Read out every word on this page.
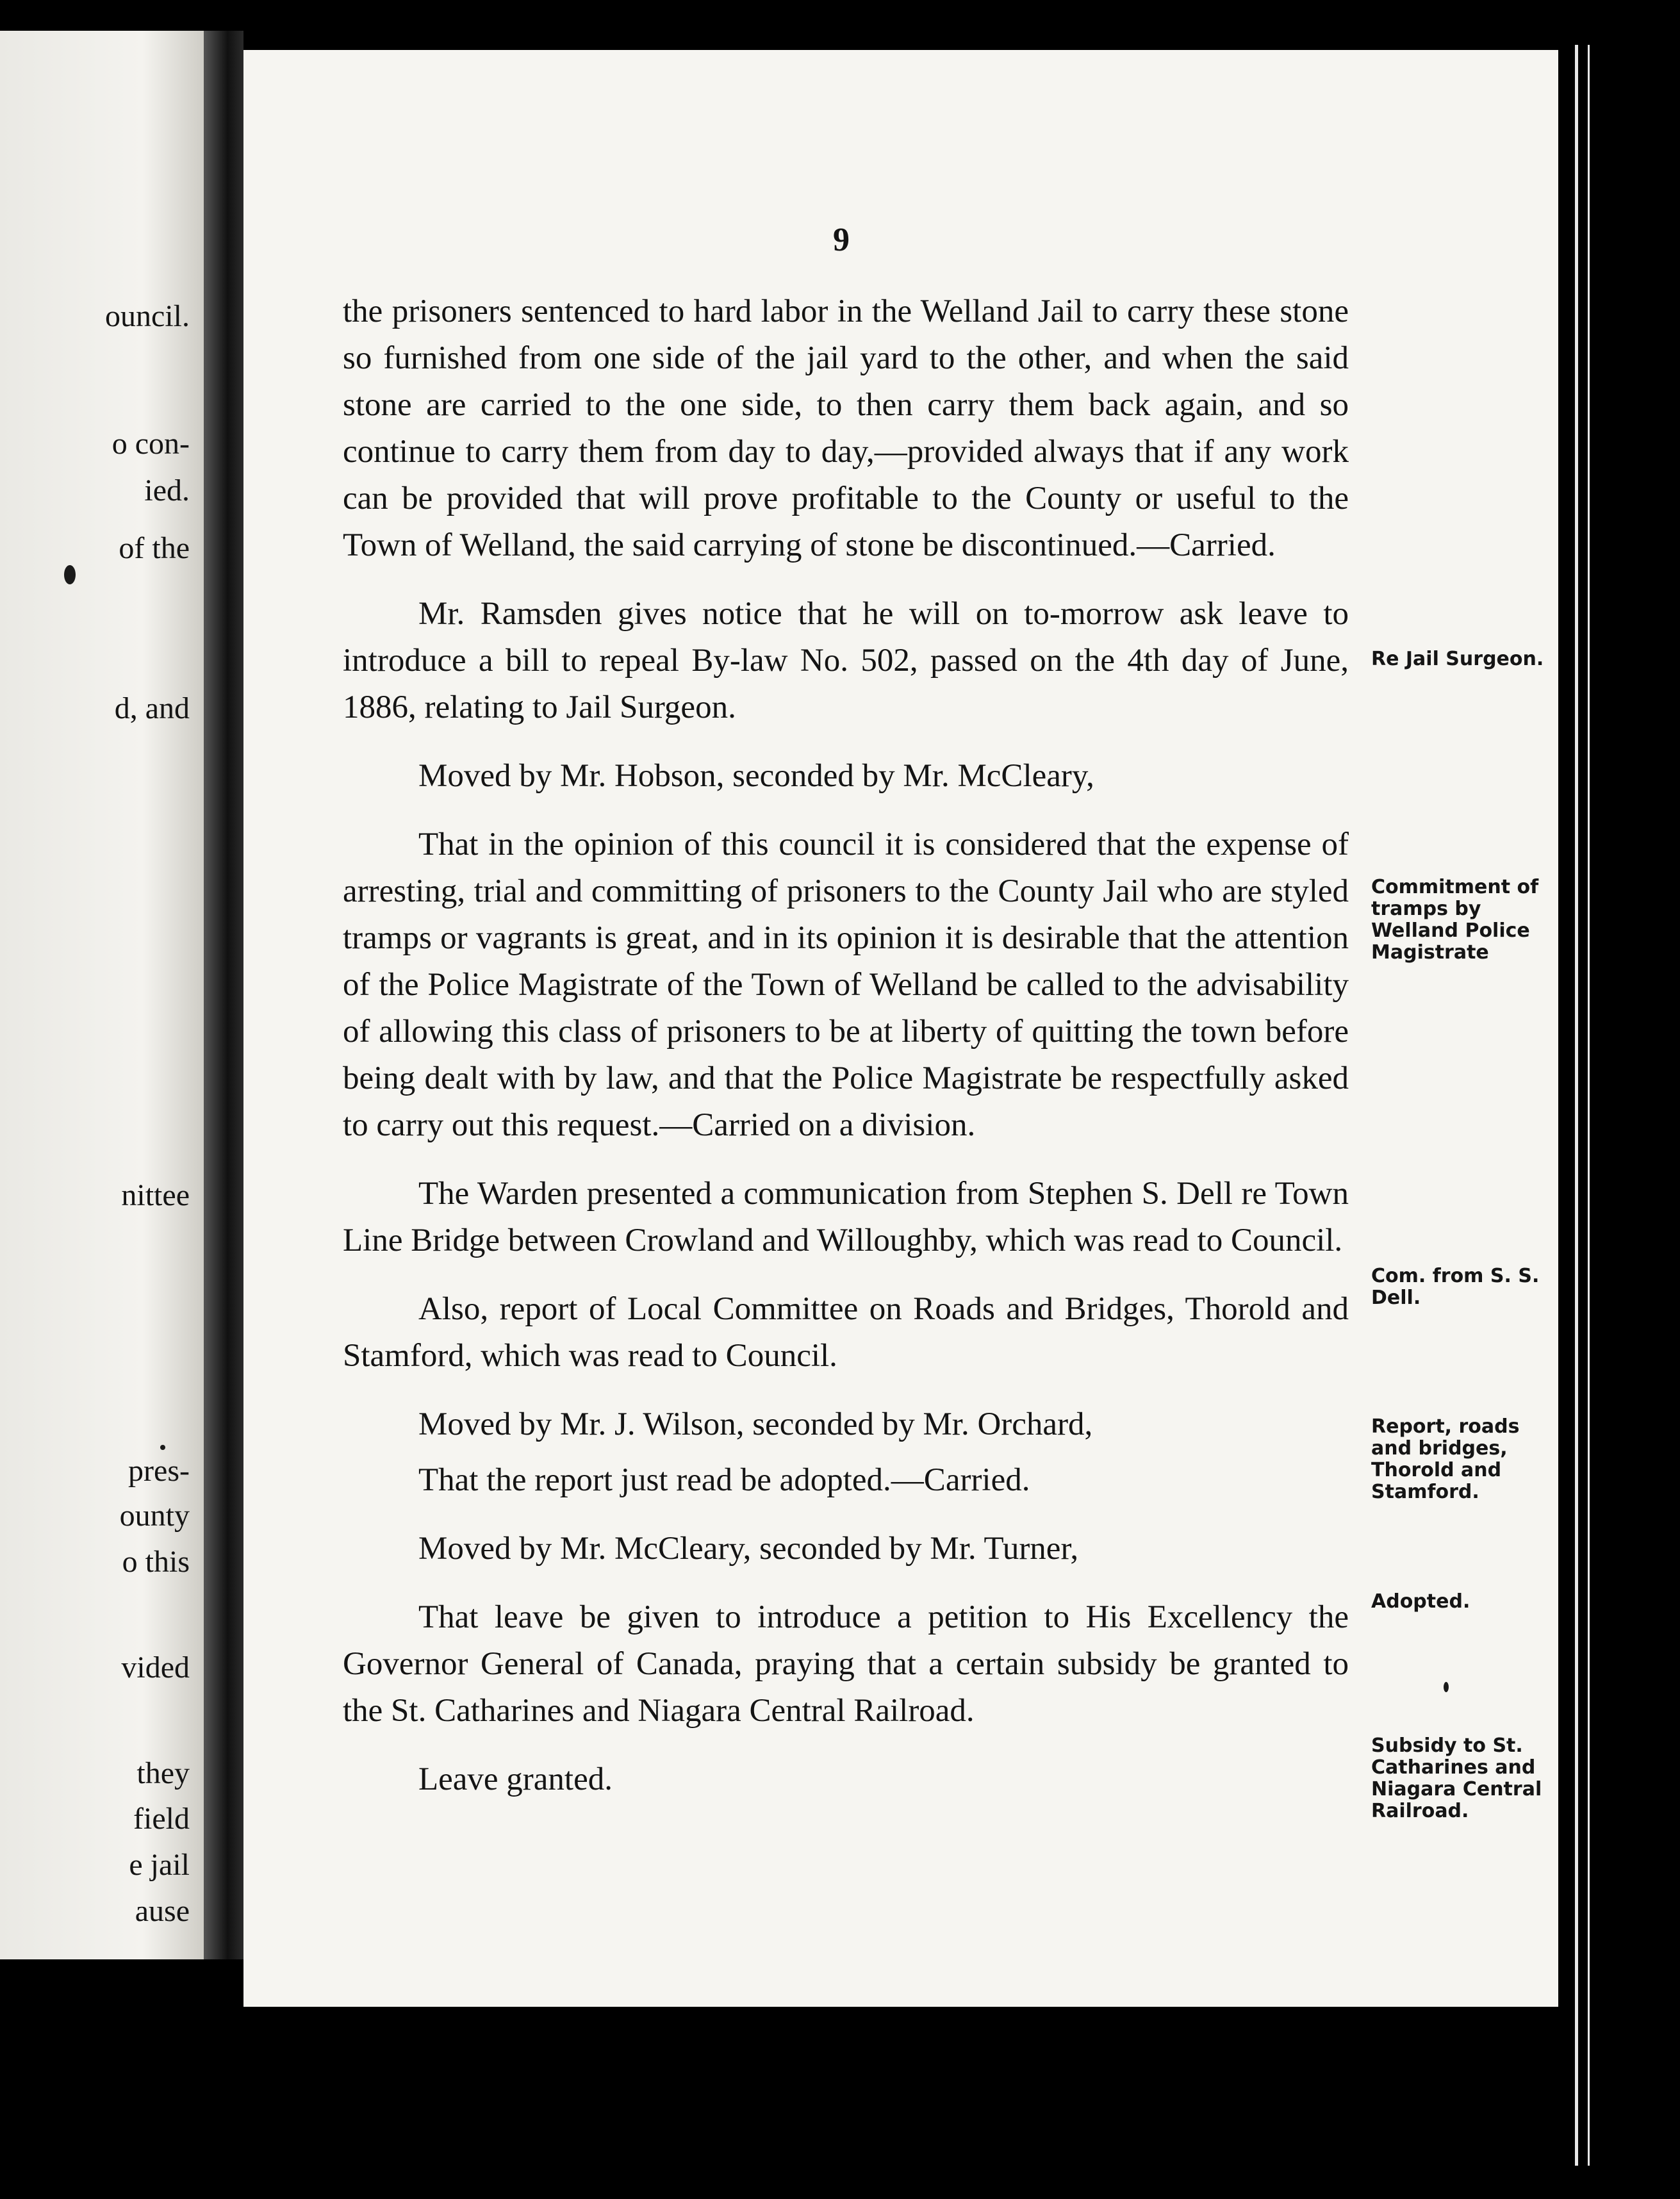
ouncil.
o con-
ied.
of the
d, and
nittee
pres-
ounty
o this
vided
they
field
e jail
ause
9

the prisoners sentenced to hard labor in the Welland Jail to carry these stone so furnished from one side of the jail yard to the other, and when the said stone are carried to the one side, to then carry them back again, and so continue to carry them from day to day,—provided always that if any work can be provided that will prove profitable to the County or useful to the Town of Welland, the said carrying of stone be discontinued.—Carried.

Mr. Ramsden gives notice that he will on to-morrow ask leave to introduce a bill to repeal By-law No. 502, passed on the 4th day of June, 1886, relating to Jail Surgeon.

Moved by Mr. Hobson, seconded by Mr. McCleary,

That in the opinion of this council it is considered that the expense of arresting, trial and committing of prisoners to the County Jail who are styled tramps or vagrants is great, and in its opinion it is desirable that the attention of the Police Magistrate of the Town of Welland be called to the advisability of allowing this class of prisoners to be at liberty of quitting the town before being dealt with by law, and that the Police Magistrate be respectfully asked to carry out this request.—Carried on a division.

The Warden presented a communication from Stephen S. Dell re Town Line Bridge between Crowland and Willoughby, which was read to Council.

Also, report of Local Committee on Roads and Bridges, Thorold and Stamford, which was read to Council.

Moved by Mr. J. Wilson, seconded by Mr. Orchard,

That the report just read be adopted.—Carried.

Moved by Mr. McCleary, seconded by Mr. Turner,

That leave be given to introduce a petition to His Excellency the Governor General of Canada, praying that a certain subsidy be granted to the St. Catharines and Niagara Central Railroad.

Leave granted.

Re Jail Surgeon.
Commitment of tramps by Welland Police Magistrate
Com. from S. S. Dell.
Report, roads and bridges, Thorold and Stamford.
Adopted.
Subsidy to St. Catharines and Niagara Central Railroad.
